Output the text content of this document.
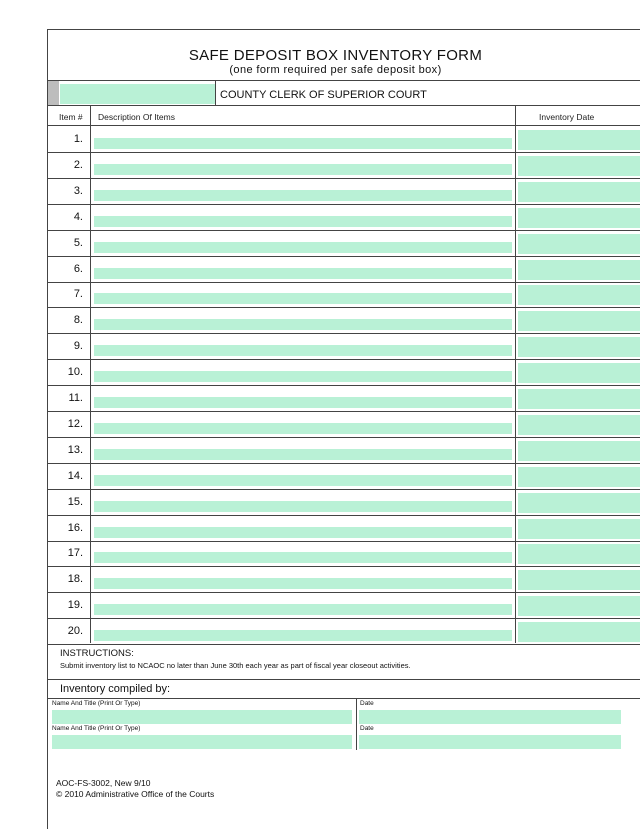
SAFE DEPOSIT BOX INVENTORY FORM
(one form required per safe deposit box)
COUNTY CLERK OF SUPERIOR COURT
Item # Description Of Items	Inventory Date
1.
2.
3.
4.
5.
6.
7.
8.
9.
10.
11.
12.
13.
14.
15.
16.
17.
18.
19.
20.
INSTRUCTIONS:
Submit inventory list to NCAOC no later than June 30th each year as part of fiscal year closeout activities.
Inventory compiled by:
Name And Title (Print Or Type)	Date
Name And Title (Print Or Type)	Date
AOC-FS-3002, New 9/10
© 2010 Administrative Office of the Courts
